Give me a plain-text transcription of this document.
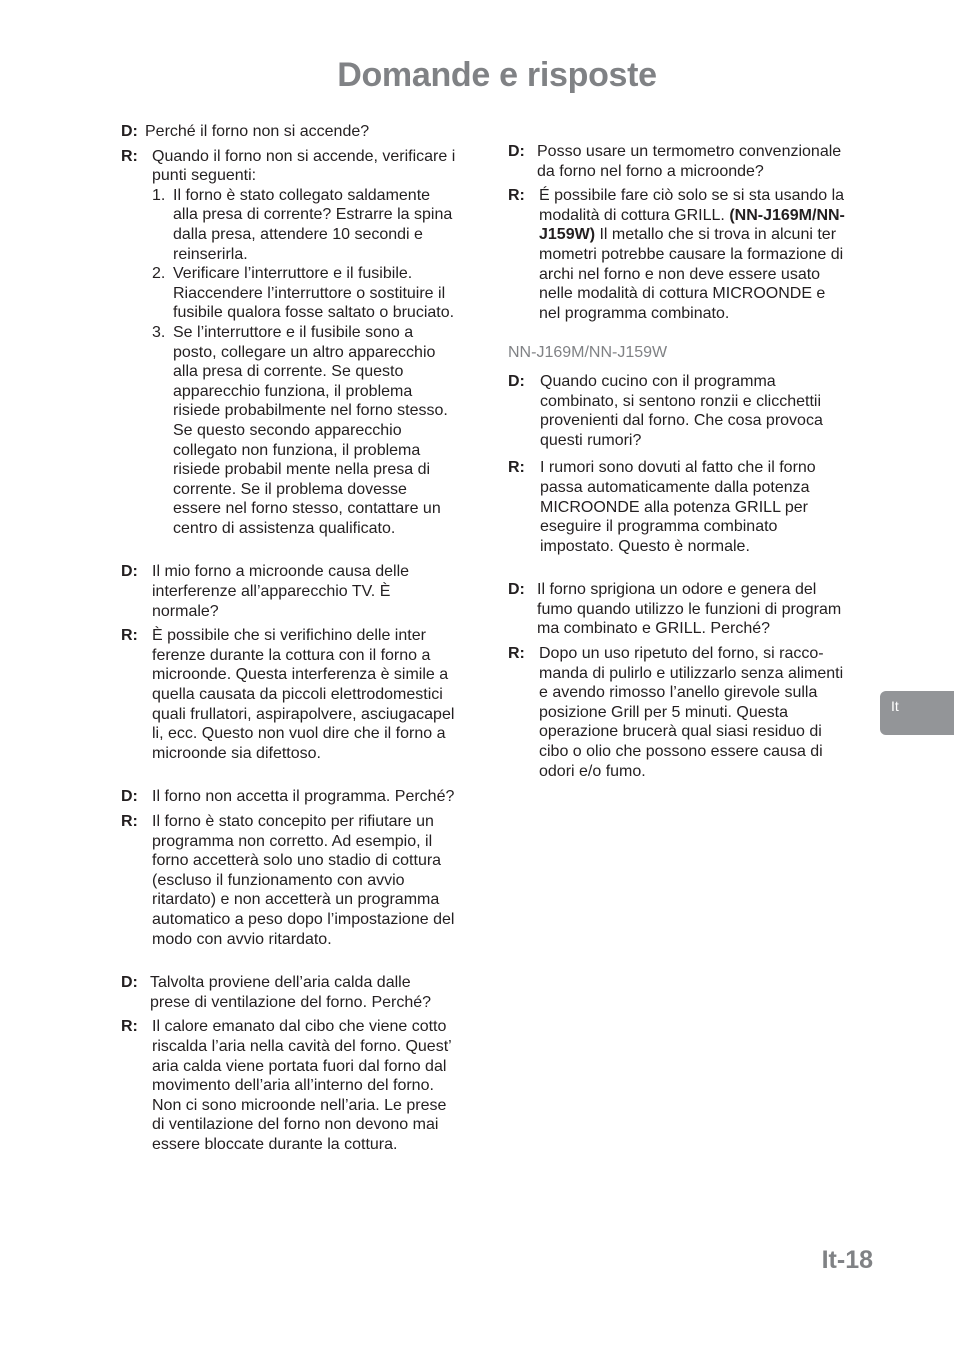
Domande e risposte
D: Perché il forno non si accende?
R: Quando il forno non si accende, verificare i
punti seguenti:
1. Il forno è stato collegato saldamente
alla presa di corrente? Estrarre la spina
dalla presa, attendere 10 secondi e
reinserirla.
2. Verificare l’interruttore e il fusibile.
Riaccendere l’interruttore o sostituire il
fusibile qualora fosse saltato o bruciato.
3. Se l’interruttore e il fusibile sono a
posto, collegare un altro apparecchio
alla presa di corrente. Se questo
apparecchio funziona, il problema
risiede probabilmente nel forno stesso.
Se questo secondo apparecchio
collegato non funziona, il problema
risiede probabil mente nella presa di
corrente. Se il problema dovesse
essere nel forno stesso, contattare un
centro di assistenza qualificato.
D: Il mio forno a microonde causa delle
interferenze all’apparecchio TV. È
normale?
R: È possibile che si verifichino delle inter
ferenze durante la cottura con il forno a
microonde. Questa interferenza è simile a
quella causata da piccoli elettrodomestici
quali frullatori, aspirapolvere, asciugacapel
li, ecc. Questo non vuol dire che il forno a
microonde sia difettoso.
D: Il forno non accetta il programma. Perché?
R: Il forno è stato concepito per rifiutare un
programma non corretto. Ad esempio, il
forno accetterà solo uno stadio di cottura
(escluso il funzionamento con avvio
ritardato) e non accetterà un programma
automatico a peso dopo l’impostazione del
modo con avvio ritardato.
D: Talvolta proviene dell’aria calda dalle
prese di ventilazione del forno. Perché?
R: Il calore emanato dal cibo che viene cotto
riscalda l’aria nella cavità del forno. Quest’
aria calda viene portata fuori dal forno dal
movimento dell’aria all’interno del forno.
Non ci sono microonde nell’aria. Le prese
di ventilazione del forno non devono mai
essere bloccate durante la cottura.
D: Posso usare un termometro convenzionale
da forno nel forno a microonde?
R: É possibile fare ciò solo se si sta usando la
modalità di cottura GRILL. (NN-J169M/NN-
J159W) Il metallo che si trova in alcuni ter
mometri potrebbe causare la formazione di
archi nel forno e non deve essere usato
nelle modalità di cottura MICROONDE e
nel programma combinato.
NN-J169M/NN-J159W
D: Quando cucino con il programma
combinato, si sentono ronzii e clicchettii
provenienti dal forno. Che cosa provoca
questi rumori?
R: I rumori sono dovuti al fatto che il forno
passa automaticamente dalla potenza
MICROONDE alla potenza GRILL per
eseguire il programma combinato
impostato. Questo è normale.
D: Il forno sprigiona un odore e genera del
fumo quando utilizzo le funzioni di program
ma combinato e GRILL. Perché?
R: Dopo un uso ripetuto del forno, si racco-
manda di pulirlo e utilizzarlo senza alimenti
e avendo rimosso l’anello girevole sulla
posizione Grill per 5 minuti. Questa
operazione brucerà qual siasi residuo di
cibo o olio che possono essere causa di
odori e/o fumo.
It
It-18
